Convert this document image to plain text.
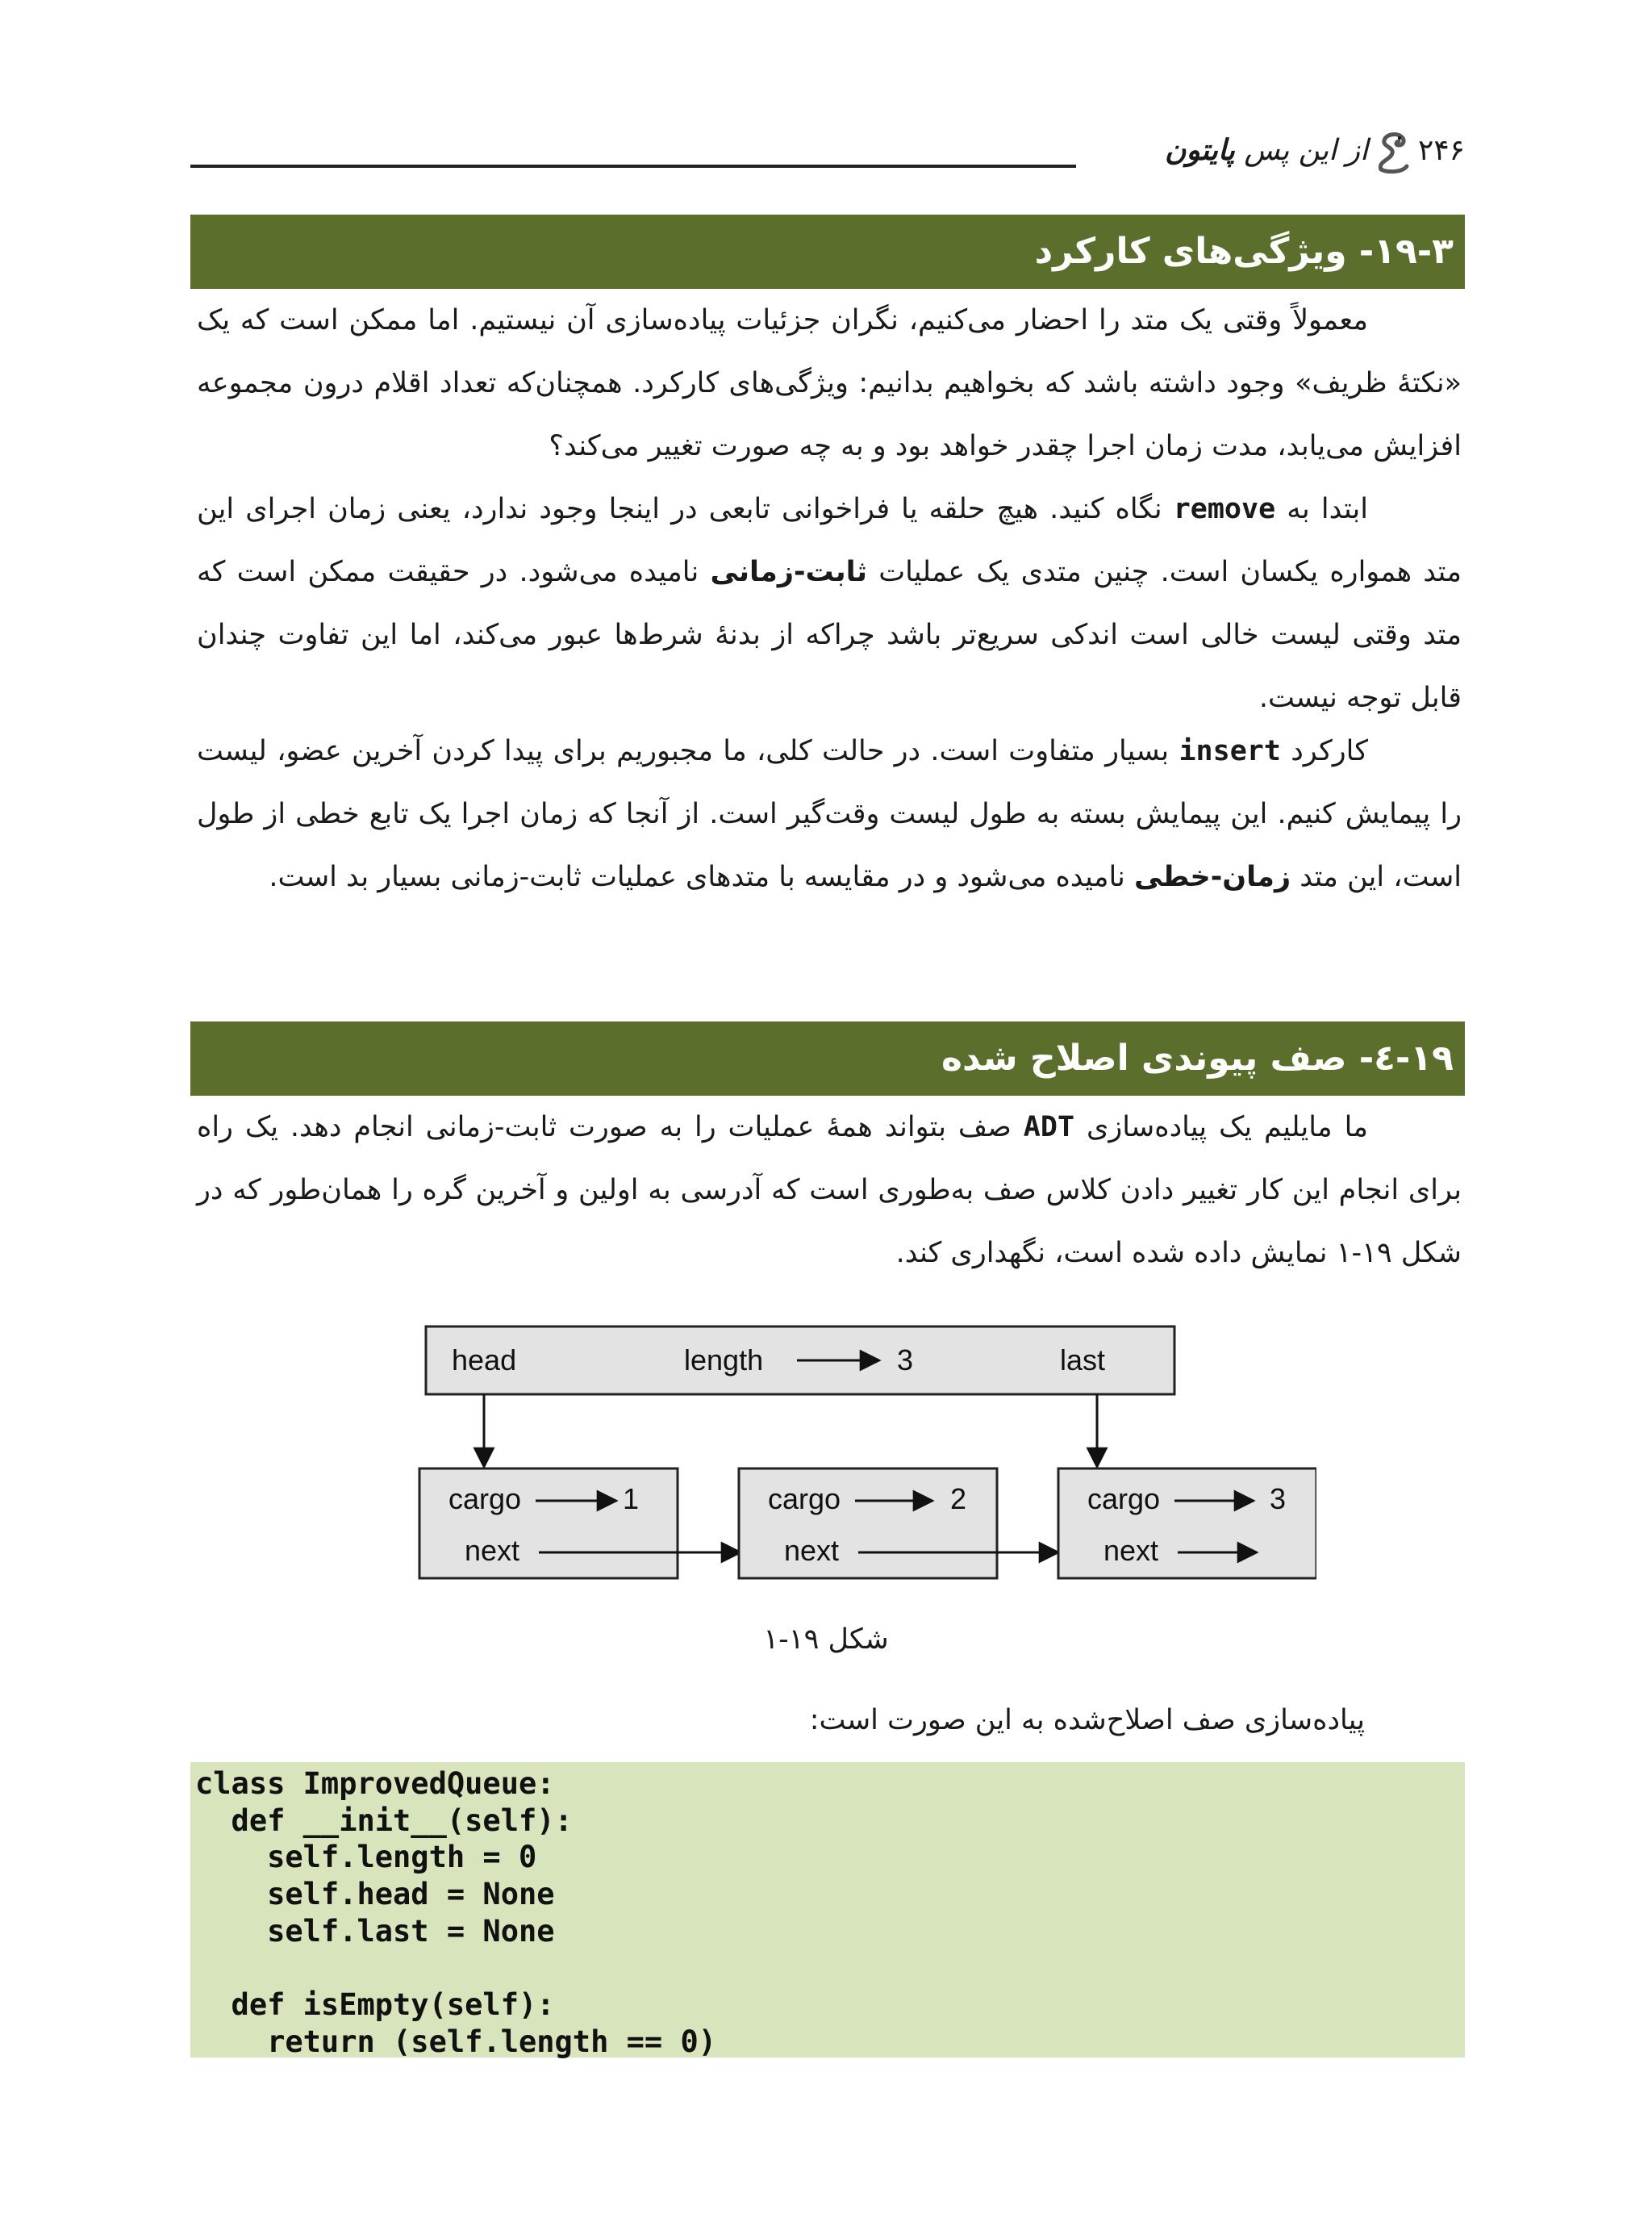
از این پس پایتون	۲۴۶
۱۹-۳- ویژگی‌های کارکرد

معمولاً وقتی یک متد را احضار می‌کنیم، نگران جزئیات پیاده‌سازی آن نیستیم. اما ممکن است که یک «نکتهٔ ظریف» وجود داشته باشد که بخواهیم بدانیم: ویژگی‌های کارکرد. همچنان‌که تعداد اقلام درون مجموعه افزایش می‌یابد، مدت زمان اجرا چقدر خواهد بود و به چه صورت تغییر می‌کند؟

ابتدا به remove نگاه کنید. هیچ حلقه یا فراخوانی تابعی در اینجا وجود ندارد، یعنی زمان اجرای این متد همواره یکسان است. چنین متدی یک عملیات ثابت-زمانی نامیده می‌شود. در حقیقت ممکن است که متد وقتی لیست خالی است اندکی سریع‌تر باشد چراکه از بدنهٔ شرط‌ها عبور می‌کند، اما این تفاوت چندان قابل توجه نیست.

کارکرد insert بسیار متفاوت است. در حالت کلی، ما مجبوریم برای پیدا کردن آخرین عضو، لیست را پیمایش کنیم. این پیمایش بسته به طول لیست وقت‌گیر است. از آنجا که زمان اجرا یک تابع خطی از طول است، این متد زمان-خطی نامیده می‌شود و در مقایسه با متدهای عملیات ثابت-زمانی بسیار بد است.

۱۹-٤- صف پیوندی اصلاح شده

ما مایلیم یک پیاده‌سازی ADT صف بتواند همهٔ عملیات را به صورت ثابت-زمانی انجام دهد. یک راه برای انجام این کار تغییر دادن کلاس صف به‌طوری است که آدرسی به اولین و آخرین گره را همان‌طور که در شکل ۱۹-۱ نمایش داده شده است، نگهداری کند.

head	length	3	last
cargo	1
next
cargo	2
next
cargo	3
next
شکل ۱۹-۱
پیاده‌سازی صف اصلاح‌شده به این صورت است:
class ImprovedQueue:
def __init__(self):
self.length = 0
self.head = None
self.last = None
def isEmpty(self):
return (self.length == 0)
